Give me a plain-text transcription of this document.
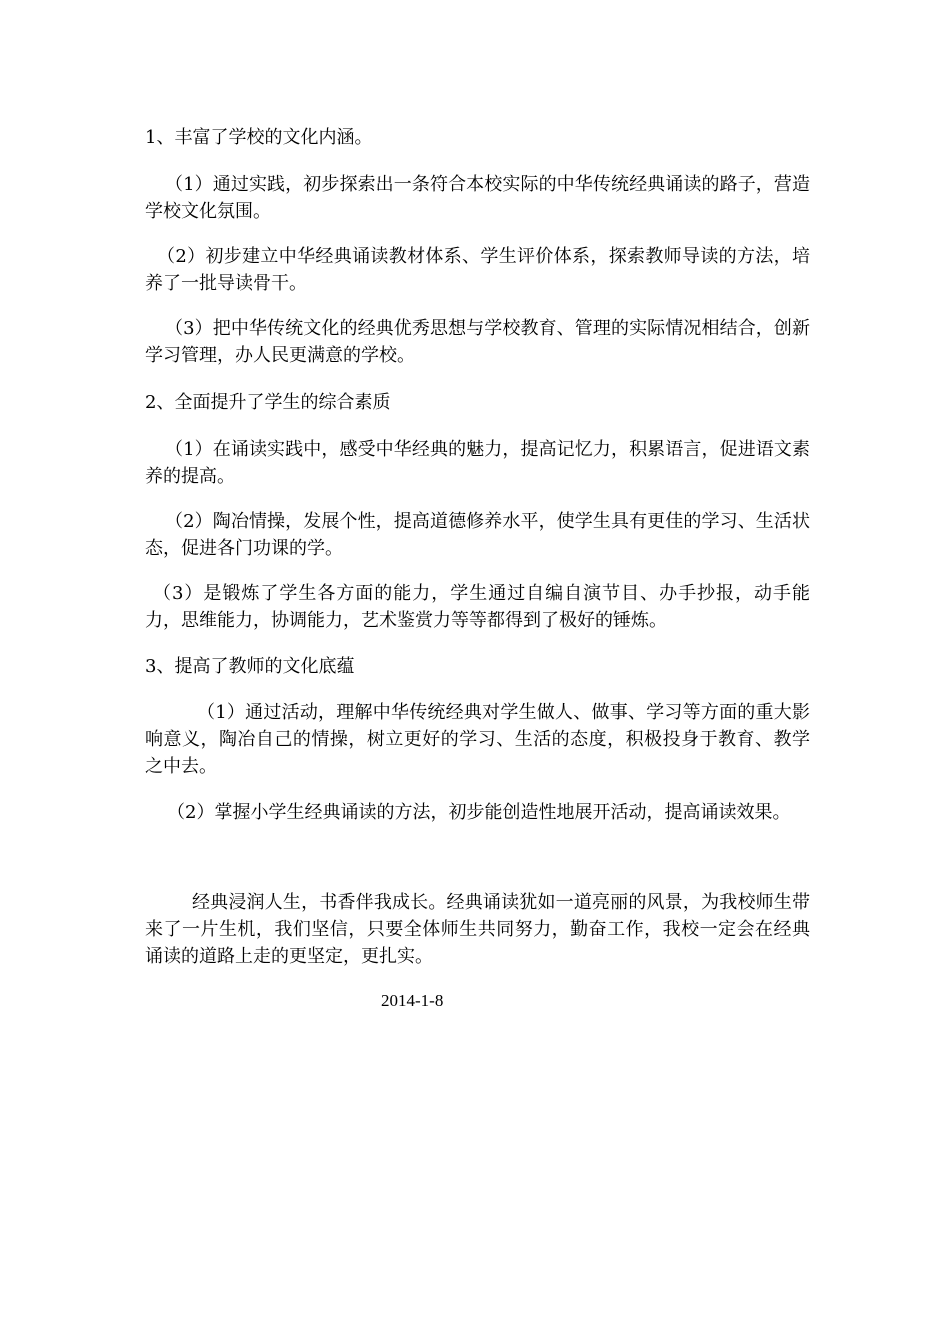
1、丰富了学校的文化内涵。

（1）通过实践，初步探索出一条符合本校实际的中华传统经典诵读的路子，营造学校文化氛围。

（2）初步建立中华经典诵读教材体系、学生评价体系，探索教师导读的方法，培养了一批导读骨干。

（3）把中华传统文化的经典优秀思想与学校教育、管理的实际情况相结合，创新学习管理，办人民更满意的学校。

2、全面提升了学生的综合素质

（1）在诵读实践中，感受中华经典的魅力，提高记忆力，积累语言，促进语文素养的提高。

（2）陶冶情操，发展个性，提高道德修养水平，使学生具有更佳的学习、生活状态，促进各门功课的学。

（3）是锻炼了学生各方面的能力，学生通过自编自演节目、办手抄报，动手能力，思维能力，协调能力，艺术鉴赏力等等都得到了极好的锤炼。

3、提高了教师的文化底蕴

（1）通过活动，理解中华传统经典对学生做人、做事、学习等方面的重大影响意义，陶冶自己的情操，树立更好的学习、生活的态度，积极投身于教育、教学之中去。

（2）掌握小学生经典诵读的方法，初步能创造性地展开活动，提高诵读效果。

经典浸润人生，书香伴我成长。经典诵读犹如一道亮丽的风景，为我校师生带来了一片生机，我们坚信，只要全体师生共同努力，勤奋工作，我校一定会在经典诵读的道路上走的更坚定，更扎实。

2014-1-8
